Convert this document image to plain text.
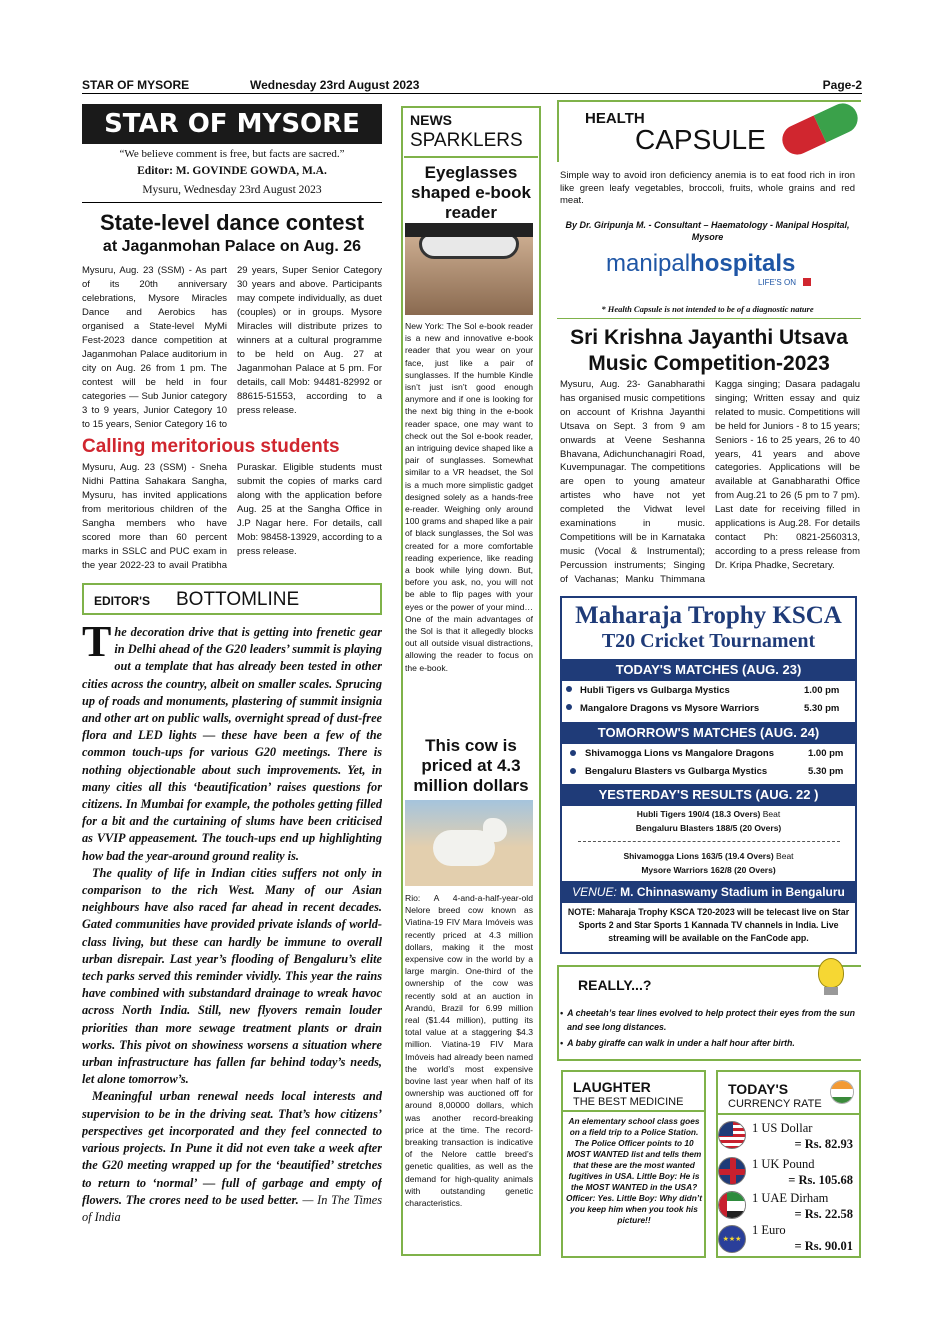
STAR OF MYSORE	Wednesday 23rd August 2023	Page-2
STAR OF MYSORE
“We believe comment is free, but facts are sacred.”
Editor: M. GOVINDE GOWDA, M.A.
Mysuru, Wednesday 23rd August 2023
State-level dance contest
at Jaganmohan Palace on Aug. 26
Mysuru, Aug. 23 (SSM) - As part of its 20th anniversary celebrations, Mysore Miracles Dance and Aerobics has organised a State-level MyMi Fest-2023 dance competition at Jaganmohan Palace auditorium in city on Aug. 26 from 1 pm. The contest will be held in four categories — Sub Junior category 3 to 9 years, Junior Category 10 to 15 years, Senior Category 16 to 29 years, Super Senior Category 30 years and above. Participants may compete individually, as duet (couples) or in groups. Mysore Miracles will distribute prizes to winners at a cultural programme to be held on Aug. 27 at Jaganmohan Palace at 5 pm. For details, call Mob: 94481-82992 or 88615-51553, according to a press release.
Calling meritorious students
Mysuru, Aug. 23 (SSM) - Sneha Nidhi Pattina Sahakara Sangha, Mysuru, has invited applications from meritorious children of the Sangha members who have scored more than 60 percent marks in SSLC and PUC exam in the year 2022-23 to avail Pratibha Puraskar. Eligible students must submit the copies of marks card along with the application before Aug. 25 at the Sangha Office in J.P Nagar here. For details, call Mob: 98458-13929, according to a press release.
EDITOR'S BOTTOMLINE
The decoration drive that is getting into frenetic gear in Delhi ahead of the G20 leaders’ summit is playing out a template that has already been tested in other cities across the country, albeit on smaller scales. Sprucing up of roads and monuments, plastering of summit insignia and other art on public walls, overnight spread of dust-free flora and LED lights — these have been a few of the common touch-ups for various G20 meetings. There is nothing objectionable about such improvements. Yet, in many cities all this ‘beautification’ raises questions for citizens. In Mumbai for example, the potholes getting filled for a bit and the curtaining of slums have been criticised as VVIP appeasement. The touch-ups end up highlighting how bad the year-around ground reality is.

The quality of life in Indian cities suffers not only in comparison to the rich West. Many of our Asian neighbours have also raced far ahead in recent decades. Gated communities have provided private islands of world-class living, but these can hardly be immune to overall urban disrepair. Last year’s flooding of Bengaluru’s elite tech parks served this reminder vividly. This year the rains have combined with substandard drainage to wreak havoc across North India. Still, new flyovers remain louder priorities than more sewage treatment plants or drain works. This pivot on showiness worsens a situation where urban infrastructure has fallen far behind today’s needs, let alone tomorrow’s.

Meaningful urban renewal needs local interests and supervision to be in the driving seat. That’s how citizens’ perspectives get incorporated and they feel connected to various projects. In Pune it did not even take a week after the G20 meeting wrapped up for the ‘beautified’ stretches to return to ‘normal’ — full of garbage and empty of flowers. The crores need to be used better. — In The Times of India

NEWS
SPARKLERS
Eyeglasses shaped e-book reader
New York: The Sol e-book reader is a new and innovative e-book reader that you wear on your face, just like a pair of sunglasses. If the humble Kindle isn’t just isn’t good enough anymore and if one is looking for the next big thing in the e-book reader space, one may want to check out the Sol e-book reader, an intriguing device shaped like a pair of sunglasses. Somewhat similar to a VR headset, the Sol is a much more simplistic gadget designed solely as a hands-free e-reader. Weighing only around 100 grams and shaped like a pair of black sunglasses, the Sol was created for a more comfortable reading experience, like reading a book while lying down. But, before you ask, no, you will not be able to flip pages with your eyes or the power of your mind… One of the main advantages of the Sol is that it allegedly blocks out all outside visual distractions, allowing the reader to focus on the e-book.
This cow is priced at 4.3 million dollars
Rio: A 4-and-a-half-year-old Nelore breed cow known as Viatina-19 FIV Mara Imóveis was recently priced at 4.3 million dollars, making it the most expensive cow in the world by a large margin. One-third of the ownership of the cow was recently sold at an auction in Arandú, Brazil for 6.99 million real ($1.44 million), putting its total value at a staggering $4.3 million. Viatina-19 FIV Mara Imóveis had already been named the world’s most expensive bovine last year when half of its ownership was auctioned off for around 8,00000 dollars, which was another record-breaking price at the time. The record-breaking transaction is indicative of the Nelore cattle breed’s genetic qualities, as well as the demand for high-quality animals with outstanding genetic characteristics.
HEALTH
CAPSULE
Simple way to avoid iron deficiency anemia is to eat food rich in iron like green leafy vegetables, broccoli, fruits, whole grains and red meat.
By Dr. Giripunja M. - Consultant – Haematology - Manipal Hospital, Mysore
manipalhospitals
LIFE'S ON
* Health Capsule is not intended to be of a diagnostic nature
Sri Krishna Jayanthi Utsava
Music Competition-2023
Mysuru, Aug. 23- Ganabharathi has organised music competitions on account of Krishna Jayanthi Utsava on Sept. 3 from 9 am onwards at Veene Seshanna Bhavana, Adichunchanagiri Road, Kuvempunagar. The competitions are open to young amateur artistes who have not yet completed the Vidwat level examinations in music. Competitions will be in Karnataka music (Vocal & Instrumental); Percussion instruments; Singing of Vachanas; Manku Thimmana Kagga singing; Dasara padagalu singing; Written essay and quiz related to music. Competitions will be held for Juniors - 8 to 15 years; Seniors - 16 to 25 years, 26 to 40 years, 41 years and above categories. Applications will be available at Ganabharathi Office from Aug.21 to 26 (5 pm to 7 pm). Last date for receiving filled in applications is Aug.28. For details contact Ph: 0821-2560313, according to a press release from Dr. Kripa Phadke, Secretary.
Maharaja Trophy KSCA
T20 Cricket Tournament
TODAY'S MATCHES (AUG. 23)
Hubli Tigers vs Gulbarga Mystics	1.00 pm
Mangalore Dragons vs Mysore Warriors	5.30 pm
TOMORROW'S MATCHES (AUG. 24)
Shivamogga Lions vs Mangalore Dragons	1.00 pm
Bengaluru Blasters vs Gulbarga Mystics	5.30 pm
YESTERDAY'S RESULTS (AUG. 22 )
Hubli Tigers 190/4 (18.3 Overs) Beat
Bengaluru Blasters 188/5 (20 Overs)
Shivamogga Lions 163/5 (19.4 Overs) Beat
Mysore Warriors 162/8 (20 Overs)
VENUE: M. Chinnaswamy Stadium in Bengaluru
NOTE: Maharaja Trophy KSCA T20-2023 will be telecast live on Star Sports 2 and Star Sports 1 Kannada TV channels in India. Live streaming will be available on the FanCode app.
REALLY...?
• A cheetah’s tear lines evolved to help protect their eyes from the sun and see long distances.
• A baby giraffe can walk in under a half hour after birth.
LAUGHTER
THE BEST MEDICINE
An elementary school class goes on a field trip to a Police Station. The Police Officer points to 10 MOST WANTED list and tells them that these are the most wanted fugitives in USA. Little Boy: He is the MOST WANTED in the USA? Officer: Yes. Little Boy: Why didn’t you keep him when you took his picture!!
TODAY'S
CURRENCY RATE
1 US Dollar
= Rs. 82.93
1 UK Pound
= Rs. 105.68
1 UAE Dirham
= Rs. 22.58
★★★
1 Euro
= Rs. 90.01
